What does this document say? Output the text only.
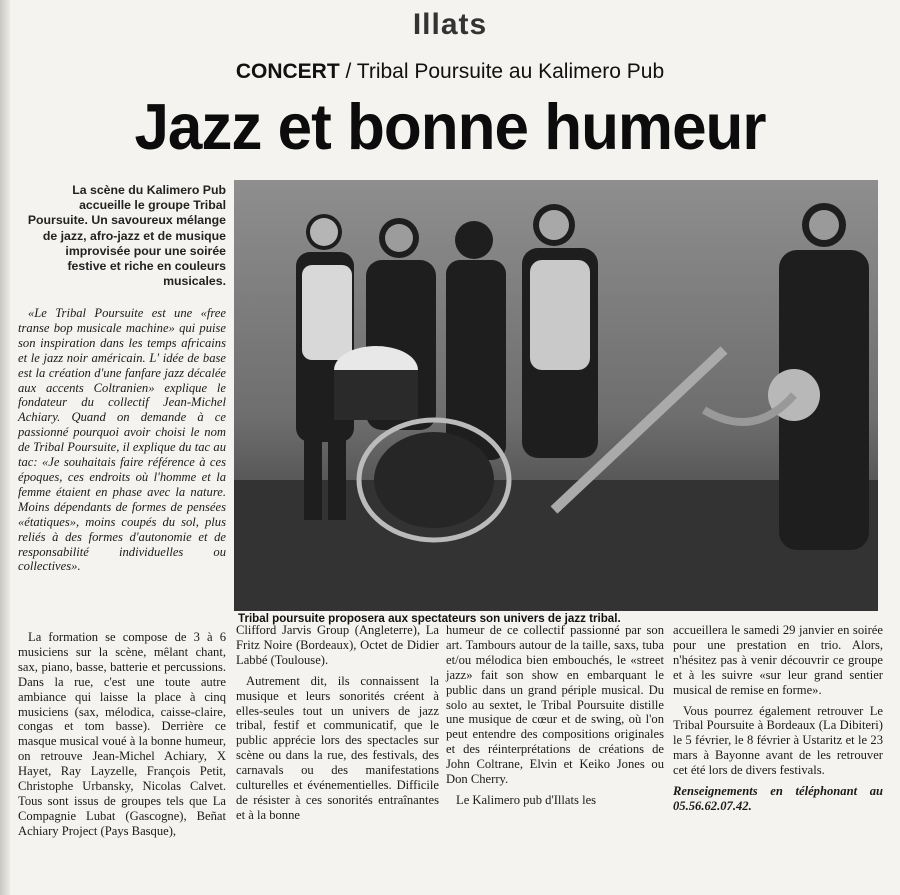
Illats
CONCERT / Tribal Poursuite au Kalimero Pub
Jazz et bonne humeur
La scène du Kalimero Pub accueille le groupe Tribal Poursuite. Un savoureux mélange de jazz, afro-jazz et de musique improvisée pour une soirée festive et riche en couleurs musicales.

«Le Tribal Poursuite est une «free transe bop musicale machine» qui puise son inspiration dans les temps africains et le jazz noir américain. L' idée de base est la création d'une fanfare jazz décalée aux accents Coltranien» explique le fondateur du collectif Jean-Michel Achiary. Quand on demande à ce passionné pourquoi avoir choisi le nom de Tribal Poursuite, il explique du tac au tac: «Je souhaitais faire référence à ces époques, ces endroits où l'homme et la femme étaient en phase avec la nature. Moins dépendants de formes de pensées «étatiques», moins coupés du sol, plus reliés à des formes d'autonomie et de responsabilité individuelles ou collectives».

Tribal poursuite proposera aux spectateurs son univers de jazz tribal.

La formation se compose de 3 à 6 musiciens sur la scène, mêlant chant, sax, piano, basse, batterie et percussions. Dans la rue, c'est une toute autre ambiance qui laisse la place à cinq musiciens (sax, mélodica, caisse-claire, congas et tom basse). Derrière ce masque musical voué à la bonne humeur, on retrouve Jean-Michel Achiary, X Hayet, Ray Layzelle, François Petit, Christophe Urbansky, Nicolas Calvet. Tous sont issus de groupes tels que La Compagnie Lubat (Gascogne), Beñat Achiary Project (Pays Basque),

Clifford Jarvis Group (Angleterre), La Fritz Noire (Bordeaux), Octet de Didier Labbé (Toulouse).

Autrement dit, ils connaissent la musique et leurs sonorités créent à elles-seules tout un univers de jazz tribal, festif et communicatif, que le public apprécie lors des spectacles sur scène ou dans la rue, des festivals, des carnavals ou des manifestations culturelles et événementielles. Difficile de résister à ces sonorités entraînantes et à la bonne

humeur de ce collectif passionné par son art. Tambours autour de la taille, saxs, tuba et/ou mélodica bien embouchés, le «street jazz» fait son show en embarquant le public dans un grand périple musical. Du solo au sextet, le Tribal Poursuite distille une musique de cœur et de swing, où l'on peut entendre des compositions originales et des réinterprétations de créations de John Coltrane, Elvin et Keiko Jones ou Don Cherry.

Le Kalimero pub d'Illats les

accueillera le samedi 29 janvier en soirée pour une prestation en trio. Alors, n'hésitez pas à venir découvrir ce groupe et à les suivre «sur leur grand sentier musical de remise en forme».

Vous pourrez également retrouver Le Tribal Poursuite à Bordeaux (La Dibiteri) le 5 février, le 8 février à Ustaritz et le 23 mars à Bayonne avant de les retrouver cet été lors de divers festivals.

Renseignements en téléphonant au 05.56.62.07.42.
